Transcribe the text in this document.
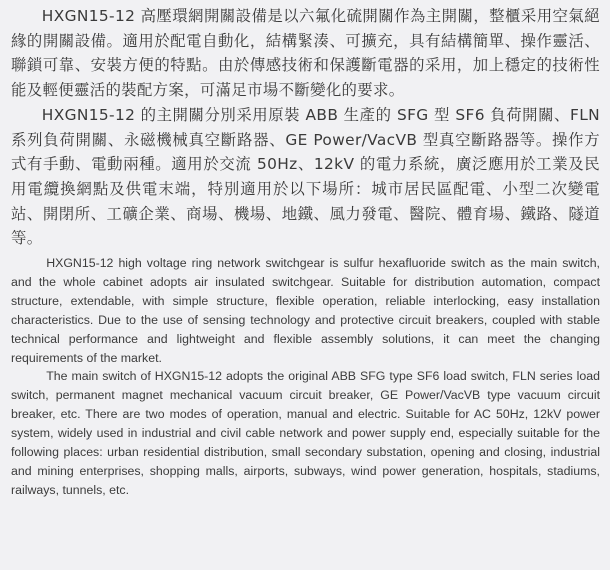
HXGN15-12 高壓環網開關設備是以六氟化硫開關作為主開關，整櫃采用空氣絕緣的開關設備。適用於配電自動化，結構緊湊、可擴充，具有結構簡單、操作靈活、聯鎖可靠、安裝方便的特點。由於傳感技術和保護斷電器的采用，加上穩定的技術性能及輕便靈活的裝配方案，可滿足市場不斷變化的要求。

HXGN15-12 的主開關分別采用原裝 ABB 生產的 SFG 型 SF6 負荷開關、FLN 系列負荷開關、永磁機械真空斷路器、GE Power/VacVB 型真空斷路器等。操作方式有手動、電動兩種。適用於交流 50Hz、12kV 的電力系統，廣泛應用於工業及民用電纜換網點及供電末端，特別適用於以下場所：城市居民區配電、小型二次變電站、開閉所、工礦企業、商場、機場、地鐵、風力發電、醫院、體育場、鐵路、隧道等。

HXGN15-12 high voltage ring network switchgear is sulfur hexafluoride switch as the main switch, and the whole cabinet adopts air insulated switchgear. Suitable for distribution automation, compact structure, extendable, with simple structure, flexible operation, reliable interlocking, easy installation characteristics. Due to the use of sensing technology and protective circuit breakers, coupled with stable technical performance and lightweight and flexible assembly solutions, it can meet the changing requirements of the market.

The main switch of HXGN15-12 adopts the original ABB SFG type SF6 load switch, FLN series load switch, permanent magnet mechanical vacuum circuit breaker, GE Power/VacVB type vacuum circuit breaker, etc. There are two modes of operation, manual and electric. Suitable for AC 50Hz, 12kV power system, widely used in industrial and civil cable network and power supply end, especially suitable for the following places: urban residential distribution, small secondary substation, opening and closing, industrial and mining enterprises, shopping malls, airports, subways, wind power generation, hospitals, stadiums, railways, tunnels, etc.
